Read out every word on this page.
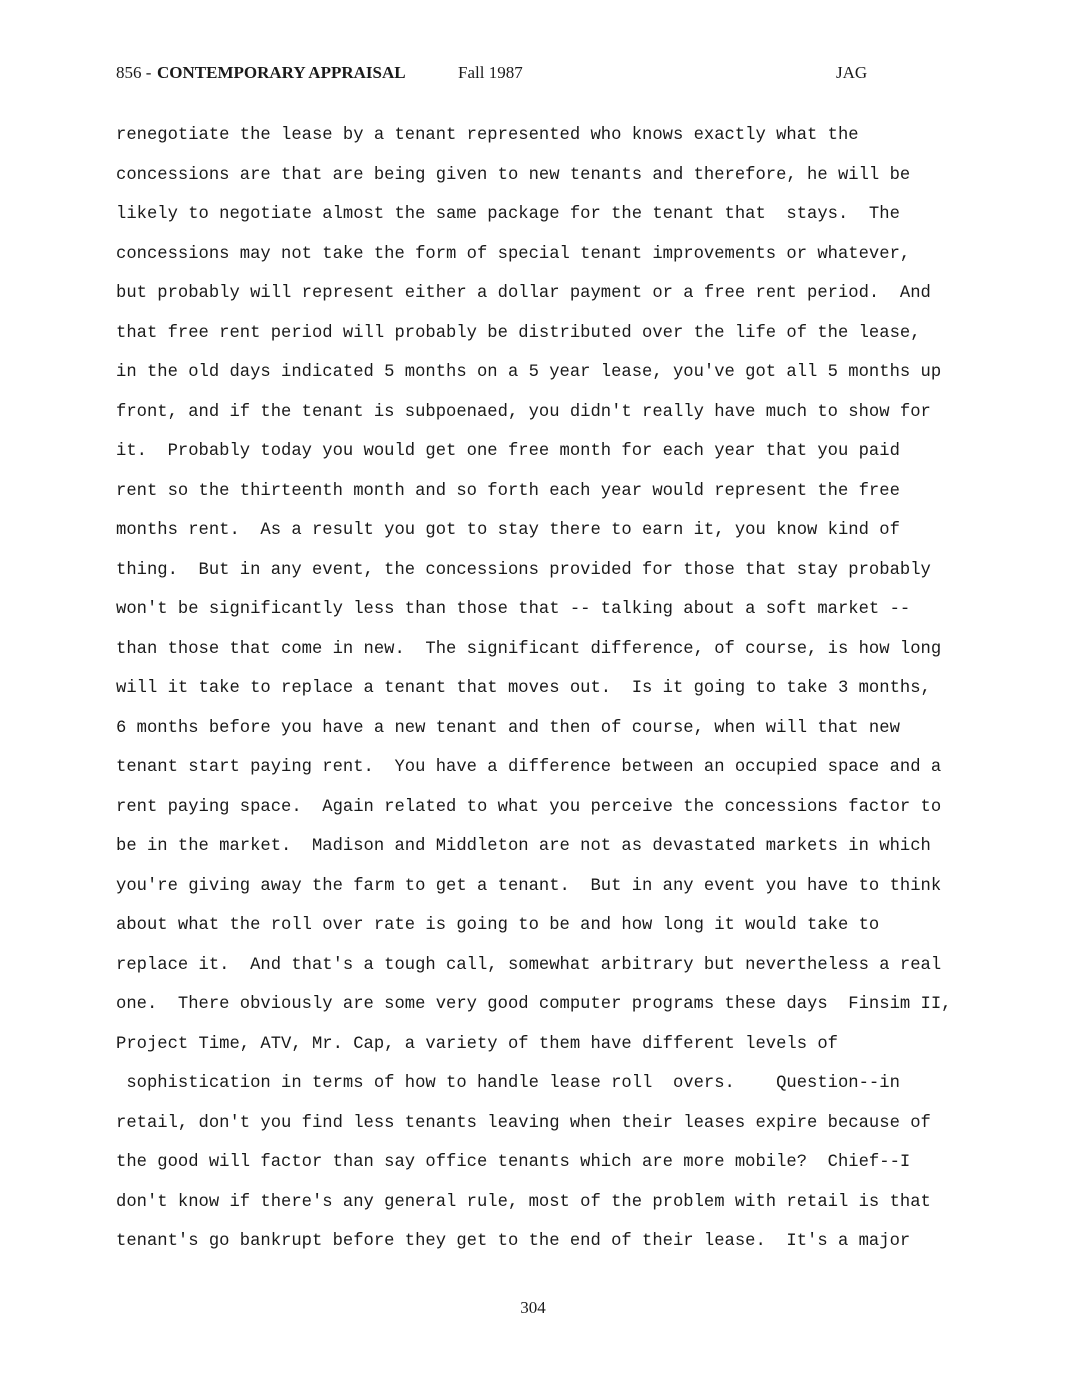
856 - CONTEMPORARY APPRAISAL	Fall 1987	JAG
renegotiate the lease by a tenant represented who knows exactly what the
concessions are that are being given to new tenants and therefore, he will be
likely to negotiate almost the same package for the tenant that  stays.  The
concessions may not take the form of special tenant improvements or whatever,
but probably will represent either a dollar payment or a free rent period.  And
that free rent period will probably be distributed over the life of the lease,
in the old days indicated 5 months on a 5 year lease, you've got all 5 months up
front, and if the tenant is subpoenaed, you didn't really have much to show for
it.  Probably today you would get one free month for each year that you paid
rent so the thirteenth month and so forth each year would represent the free
months rent.  As a result you got to stay there to earn it, you know kind of
thing.  But in any event, the concessions provided for those that stay probably
won't be significantly less than those that -- talking about a soft market --
than those that come in new.  The significant difference, of course, is how long
will it take to replace a tenant that moves out.  Is it going to take 3 months,
6 months before you have a new tenant and then of course, when will that new
tenant start paying rent.  You have a difference between an occupied space and a
rent paying space.  Again related to what you perceive the concessions factor to
be in the market.  Madison and Middleton are not as devastated markets in which
you're giving away the farm to get a tenant.  But in any event you have to think
about what the roll over rate is going to be and how long it would take to
replace it.  And that's a tough call, somewhat arbitrary but nevertheless a real
one.  There obviously are some very good computer programs these days  Finsim II,
Project Time, ATV, Mr. Cap, a variety of them have different levels of
sophistication in terms of how to handle lease roll  overs.    Question--in
retail, don't you find less tenants leaving when their leases expire because of
the good will factor than say office tenants which are more mobile?  Chief--I
don't know if there's any general rule, most of the problem with retail is that
tenant's go bankrupt before they get to the end of their lease.  It's a major
304
